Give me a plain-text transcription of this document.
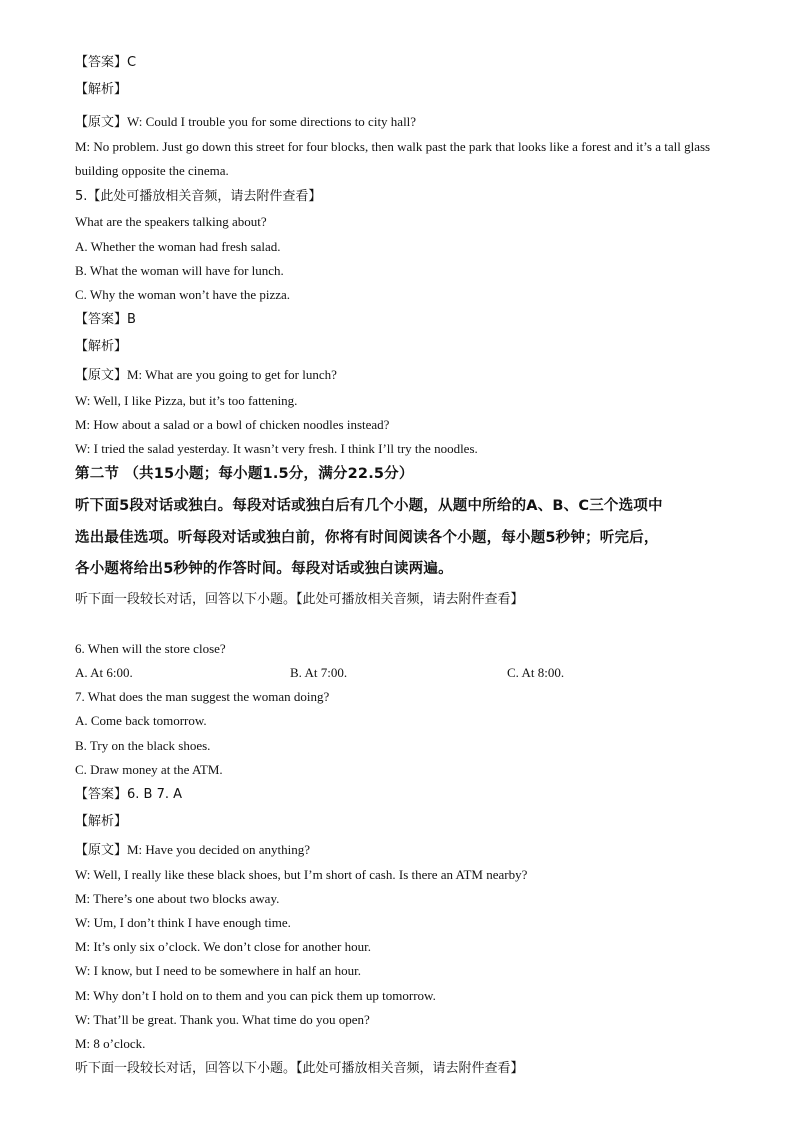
【答案】C
【解析】
【原文】W: Could I trouble you for some directions to city hall?
M: No problem. Just go down this street for four blocks, then walk past the park that looks like a forest and it’s a tall glass building opposite the cinema.
5.【此处可播放相关音频，请去附件查看】
What are the speakers talking about?
A. Whether the woman had fresh salad.
B. What the woman will have for lunch.
C. Why the woman won’t have the pizza.
【答案】B
【解析】
【原文】M: What are you going to get for lunch?
W: Well, I like Pizza, but it’s too fattening.
M: How about a salad or a bowl of chicken noodles instead?
W: I tried the salad yesterday. It wasn’t very fresh. I think I’ll try the noodles.
第二节 （共15小题；每小题1.5分，满分22.5分）
听下面5段对话或独白。每段对话或独白后有几个小题，从题中所给的A、B、C三个选项中
选出最佳选项。听每段对话或独白前，你将有时间阅读各个小题，每小题5秒钟；听完后，
各小题将给出5秒钟的作答时间。每段对话或独白读两遍。
听下面一段较长对话，回答以下小题。【此处可播放相关音频，请去附件查看】
6. When will the store close?
A. At 6:00.	B. At 7:00.	C. At 8:00.
7. What does the man suggest the woman doing?
A. Come back tomorrow.
B. Try on the black shoes.
C. Draw money at the ATM.
【答案】6. B 7. A
【解析】
【原文】M: Have you decided on anything?
W: Well, I really like these black shoes, but I’m short of cash. Is there an ATM nearby?
M: There’s one about two blocks away.
W: Um, I don’t think I have enough time.
M: It’s only six o’clock. We don’t close for another hour.
W: I know, but I need to be somewhere in half an hour.
M: Why don’t I hold on to them and you can pick them up tomorrow.
W: That’ll be great. Thank you. What time do you open?
M: 8 o’clock.
听下面一段较长对话，回答以下小题。【此处可播放相关音频，请去附件查看】
